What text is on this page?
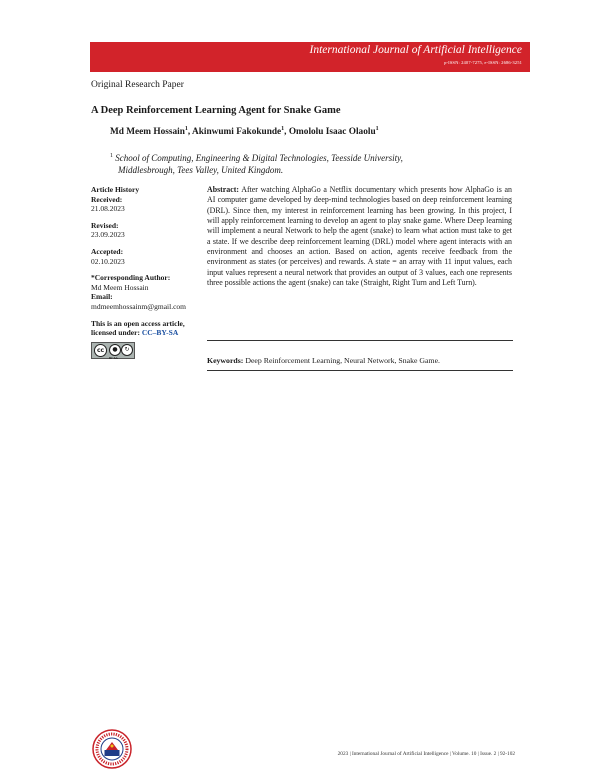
International Journal of Artificial Intelligence
p-ISSN: 2407-7275, e-ISSN: 2686-3251
Original Research Paper
A Deep Reinforcement Learning Agent for Snake Game
Md Meem Hossain$^1$, Akinwumi Fakokunde$^1$, Omololu Isaac Olaolu$^1$
$^1$ School of Computing, Engineering & Digital Technologies, Teesside University,
Middlesbrough, Tees Valley, United Kingdom.
Article History
Received:
21.08.2023
Revised:
23.09.2023
Accepted:
02.10.2023
*Corresponding Author:
Md Meem Hossain
Email:
mdmeemhossainm@gmail.com
This is an open access article,
licensed under: CC–BY-SA
cc	●	↻
BY SA
Abstract: After watching AlphaGo a Netflix documentary which presents how AlphaGo is an AI computer game developed by deep-mind technologies based on deep reinforcement learning (DRL). Since then, my interest in reinforcement learning has been growing. In this project, I will apply reinforcement learning to develop an agent to play snake game. Where Deep learning will implement a neural Network to help the agent (snake) to learn what action must take to get a state. If we describe deep reinforcement learning (DRL) model where agent interacts with an environment and chooses an action. Based on action, agents receive feedback from the environment as states (or perceives) and rewards. A state = an array with 11 input values, each input values represent a neural network that provides an output of 3 values, each one represents three possible actions the agent (snake) can take (Straight, Right Turn and Left Turn).
Keywords: Deep Reinforcement Learning, Neural Network, Snake Game.
2023 | International Journal of Artificial Intelligence | Volume. 10 | Issue. 2 | 92-102
